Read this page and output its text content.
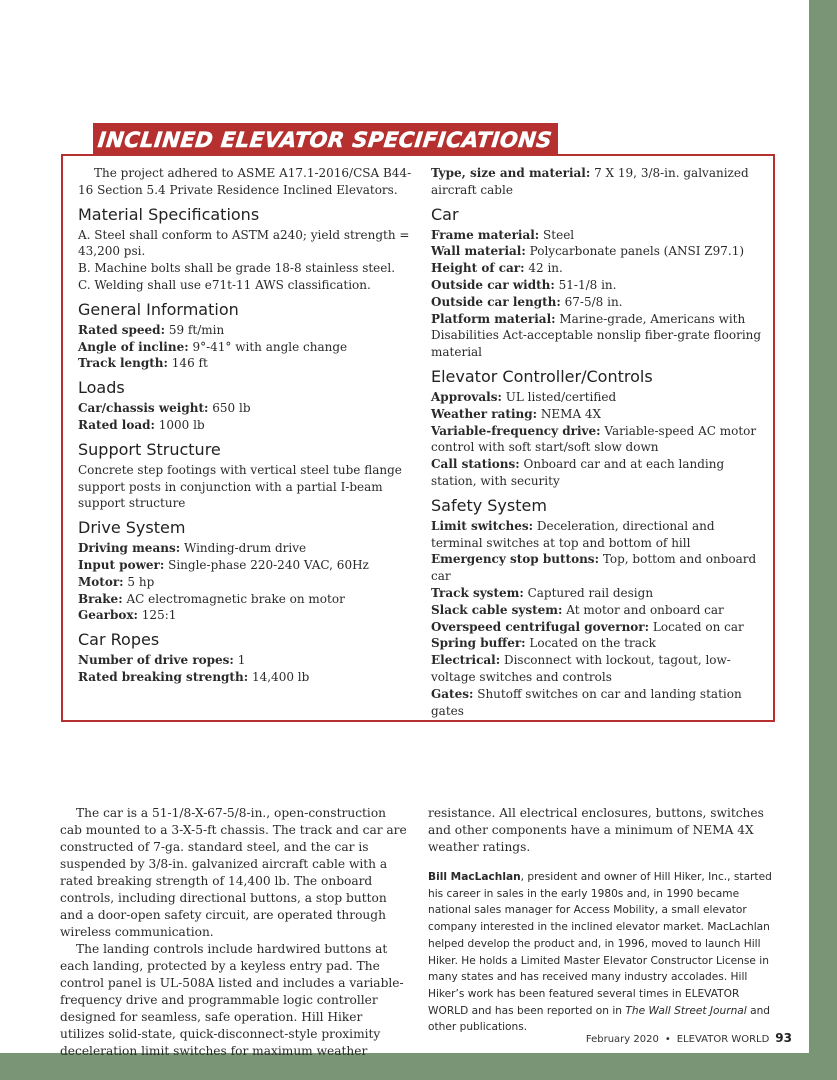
INCLINED ELEVATOR SPECIFICATIONS

The project adhered to ASME A17.1-2016/CSA B44-16 Section 5.4 Private Residence Inclined Elevators.

Material Specifications

A. Steel shall conform to ASTM a240; yield strength = 43,200 psi.

B. Machine bolts shall be grade 18-8 stainless steel.

C. Welding shall use e71t-11 AWS classification.

General Information

Rated speed: 59 ft/min

Angle of incline: 9°-41° with angle change

Track length: 146 ft

Loads

Car/chassis weight: 650 lb

Rated load: 1000 lb

Support Structure

Concrete step footings with vertical steel tube flange support posts in conjunction with a partial I-beam support structure

Drive System

Driving means: Winding-drum drive

Input power: Single-phase 220-240 VAC, 60Hz

Motor: 5 hp

Brake: AC electromagnetic brake on motor

Gearbox: 125:1

Car Ropes

Number of drive ropes: 1

Rated breaking strength: 14,400 lb

Type, size and material: 7 X 19, 3/8-in. galvanized aircraft cable

Car

Frame material: Steel

Wall material: Polycarbonate panels (ANSI Z97.1)

Height of car: 42 in.

Outside car width: 51-1/8 in.

Outside car length: 67-5/8 in.

Platform material: Marine-grade, Americans with Disabilities Act-acceptable nonslip fiber-grate flooring material

Elevator Controller/Controls

Approvals: UL listed/certified

Weather rating: NEMA 4X

Variable-frequency drive: Variable-speed AC motor control with soft start/soft slow down

Call stations: Onboard car and at each landing station, with security

Safety System

Limit switches: Deceleration, directional and terminal switches at top and bottom of hill

Emergency stop buttons: Top, bottom and onboard car

Track system: Captured rail design

Slack cable system: At motor and onboard car

Overspeed centrifugal governor: Located on car

Spring buffer: Located on the track

Electrical: Disconnect with lockout, tagout, low-voltage switches and controls

Gates: Shutoff switches on car and landing station gates

The car is a 51-1/8-X-67-5/8-in., open-construction cab mounted to a 3-X-5-ft chassis. The track and car are constructed of 7-ga. standard steel, and the car is suspended by 3/8-in. galvanized aircraft cable with a rated breaking strength of 14,400 lb. The onboard controls, including directional buttons, a stop button and a door-open safety circuit, are operated through wireless communication.

The landing controls include hardwired buttons at each landing, protected by a keyless entry pad. The control panel is UL-508A listed and includes a variable-frequency drive and programmable logic controller designed for seamless, safe operation. Hill Hiker utilizes solid-state, quick-disconnect-style proximity deceleration limit switches for maximum weather

resistance. All electrical enclosures, buttons, switches and other components have a minimum of NEMA 4X weather ratings.

Bill MacLachlan, president and owner of Hill Hiker, Inc., started his career in sales in the early 1980s and, in 1990 became national sales manager for Access Mobility, a small elevator company interested in the inclined elevator market. MacLachlan helped develop the product and, in 1996, moved to launch Hill Hiker. He holds a Limited Master Elevator Constructor License in many states and has received many industry accolades. Hill Hiker’s work has been featured several times in ELEVATOR WORLD and has been reported on in The Wall Street Journal and other publications.
February 2020 • ELEVATOR WORLD 93
